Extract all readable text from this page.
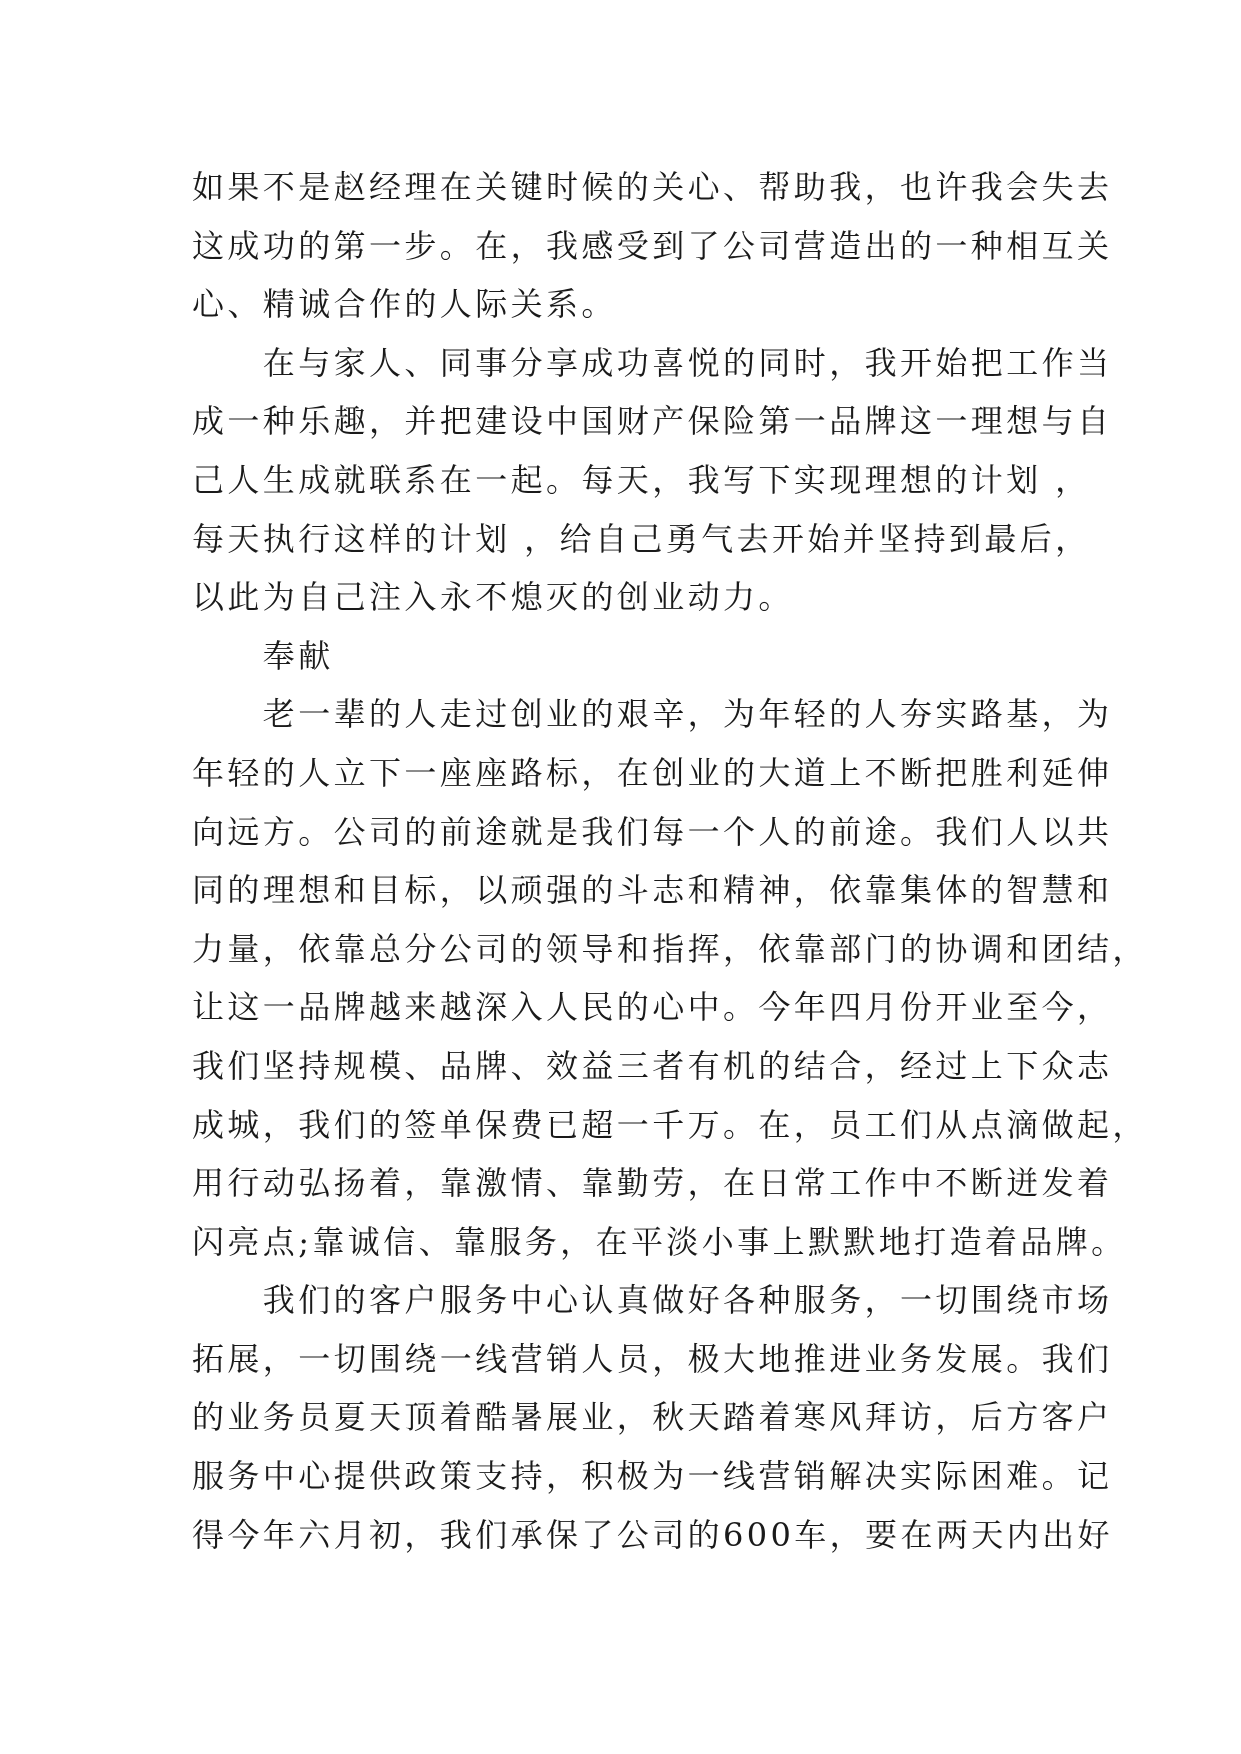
如果不是赵经理在关键时候的关心、帮助我，也许我会失去
这成功的第一步。在，我感受到了公司营造出的一种相互关
心、精诚合作的人际关系。
　　在与家人、同事分享成功喜悦的同时，我开始把工作当
成一种乐趣，并把建设中国财产保险第一品牌这一理想与自
己人生成就联系在一起。每天，我写下实现理想的计划 ，
每天执行这样的计划 ，给自己勇气去开始并坚持到最后，
以此为自己注入永不熄灭的创业动力。
　　奉献
　　老一辈的人走过创业的艰辛，为年轻的人夯实路基，为
年轻的人立下一座座路标，在创业的大道上不断把胜利延伸
向远方。公司的前途就是我们每一个人的前途。我们人以共
同的理想和目标，以顽强的斗志和精神，依靠集体的智慧和
力量，依靠总分公司的领导和指挥，依靠部门的协调和团结，
让这一品牌越来越深入人民的心中。今年四月份开业至今，
我们坚持规模、品牌、效益三者有机的结合，经过上下众志
成城，我们的签单保费已超一千万。在，员工们从点滴做起，
用行动弘扬着，靠激情、靠勤劳，在日常工作中不断迸发着
闪亮点;靠诚信、靠服务，在平淡小事上默默地打造着品牌。
　　我们的客户服务中心认真做好各种服务，一切围绕市场
拓展，一切围绕一线营销人员，极大地推进业务发展。我们
的业务员夏天顶着酷暑展业，秋天踏着寒风拜访，后方客户
服务中心提供政策支持，积极为一线营销解决实际困难。记
得今年六月初，我们承保了公司的600车，要在两天内出好
